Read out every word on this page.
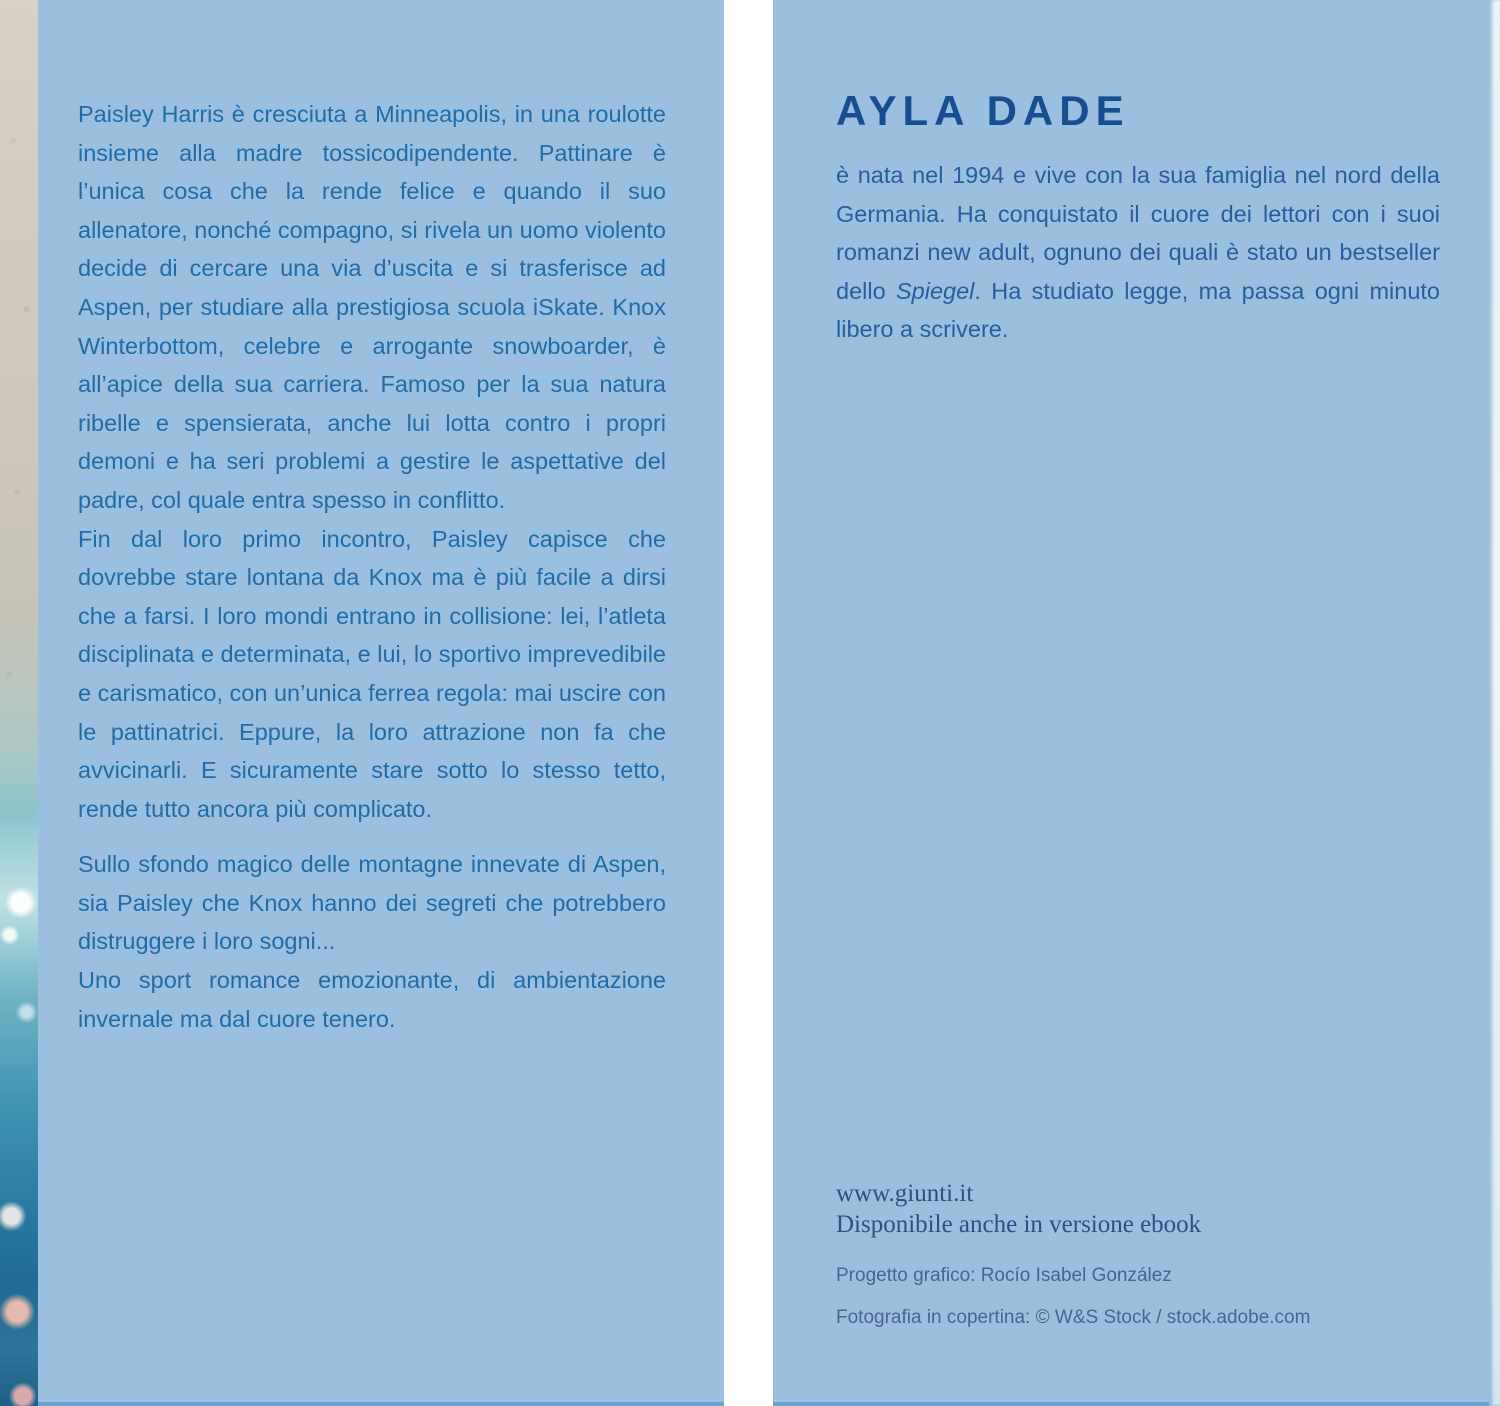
Paisley Harris è cresciuta a Minneapolis, in una roulotte insieme alla madre tossicodipendente. Pattinare è l’unica cosa che la rende felice e quando il suo allenatore, nonché compagno, si rivela un uomo violento decide di cercare una via d’uscita e si trasferisce ad Aspen, per studiare alla prestigiosa scuola iSkate. Knox Winterbottom, celebre e arrogante snowboarder, è all’apice della sua carriera. Famoso per la sua natura ribelle e spensierata, anche lui lotta contro i propri demoni e ha seri problemi a gestire le aspettative del padre, col quale entra spesso in conflitto.

Fin dal loro primo incontro, Paisley capisce che dovrebbe stare lontana da Knox ma è più facile a dirsi che a farsi. I loro mondi entrano in collisione: lei, l’atleta disciplinata e determinata, e lui, lo sportivo imprevedibile e carismatico, con un’unica ferrea regola: mai uscire con le pattinatrici. Eppure, la loro attrazione non fa che avvicinarli. E sicuramente stare sotto lo stesso tetto, rende tutto ancora più complicato.

Sullo sfondo magico delle montagne innevate di Aspen, sia Paisley che Knox hanno dei segreti che potrebbero distruggere i loro sogni...

Uno sport romance emozionante, di ambientazione invernale ma dal cuore tenero.

AYLA DADE

è nata nel 1994 e vive con la sua famiglia nel nord della Germania. Ha conquistato il cuore dei lettori con i suoi romanzi new adult, ognuno dei quali è stato un bestseller dello Spiegel. Ha studiato legge, ma passa ogni minuto libero a scrivere.

www.giunti.it
Disponibile anche in versione ebook
Progetto grafico: Rocío Isabel González
Fotografia in copertina: © W&S Stock / stock.adobe.com
